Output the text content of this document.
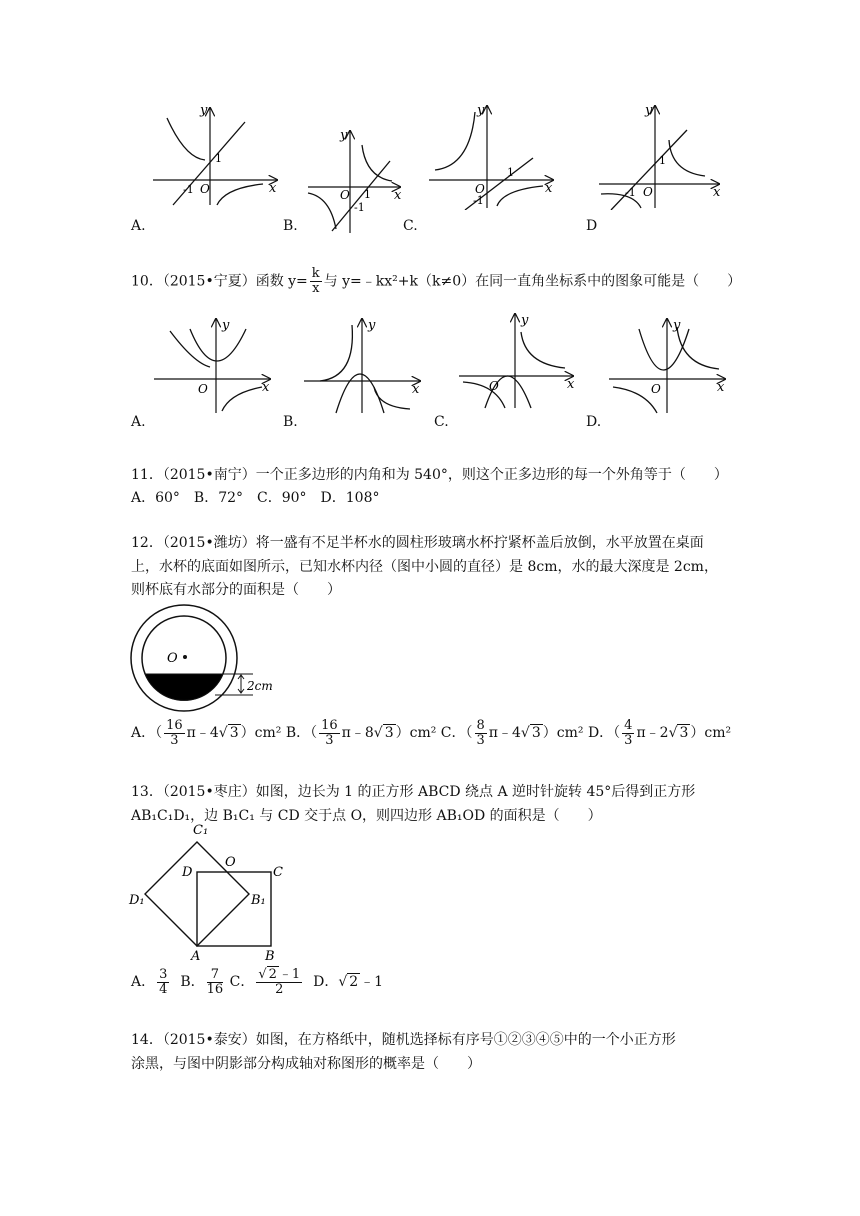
x
y
O
1
-1	x
y
O 1
-1
x
y
O
1
-1
x
y
O
1
-1
A.	B.	C.	D
10．（2015•宁夏）函数 $y= \frac{k}{x}$ 与 y=﹣kx²+k（k≠0）在同一直角坐标系中的图象可能是（　　）
x
y
O	x
y
x
y
O	x
y
O
A.	B.	C.	D.
11．（2015•南宁）一个正多边形的内角和为 540°，则这个正多边形的每一个外角等于（　　）
A．60°　B．72°　C．90°　D．108°
12．（2015•潍坊）将一盛有不足半杯水的圆柱形玻璃水杯拧紧杯盖后放倒，水平放置在桌面
上，水杯的底面如图所示，已知水杯内径（图中小圆的直径）是 8cm，水的最大深度是 2cm，
则杯底有水部分的面积是（　　）
O
2cm
A．（ $\frac{16}{3}$ π﹣4√ 3 ）cm² B．（ $\frac{16}{3}$ π﹣8√ 3 ）cm² C．（ $\frac{8}{3}$ π﹣4√ 3 ）cm² D．（ $\frac{4}{3}$ π﹣2√ 3 ）cm²
13．（2015•枣庄）如图，边长为 1 的正方形 ABCD 绕点 A 逆时针旋转 45°后得到正方形
AB₁C₁D₁，边 B₁C₁ 与 CD 交于点 O，则四边形 AB₁OD 的面积是（　　）
C₁
O
D	C
D₁	B₁
A	B
A． $\frac{3}{4}$ B． $\frac{7}{16}$ C． $\frac{√ 2 ﹣1}{2}$ D．√ 2 ﹣1
14．（2015•泰安）如图，在方格纸中，随机选择标有序号①②③④⑤中的一个小正方形
涂黑，与图中阴影部分构成轴对称图形的概率是（　　）
